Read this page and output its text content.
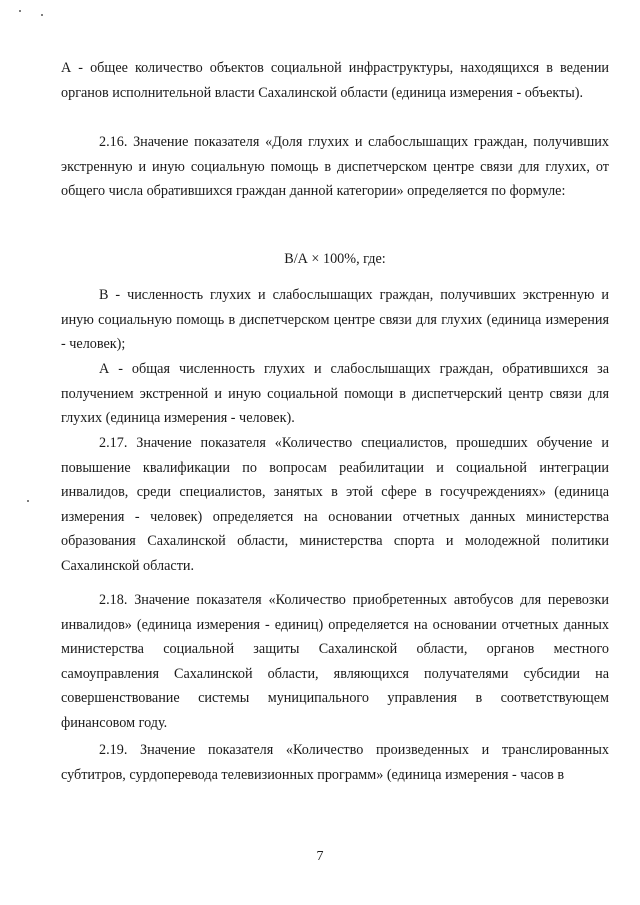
А - общее количество объектов социальной инфраструктуры, находящихся в ведении органов исполнительной власти Сахалинской области (единица измерения - объекты).

2.16. Значение показателя «Доля глухих и слабослышащих граждан, получивших экстренную и иную социальную помощь в диспетчерском центре связи для глухих, от общего числа обратившихся граждан данной категории» определяется по формуле:

В/А × 100%, где:

В - численность глухих и слабослышащих граждан, получивших экстренную и иную социальную помощь в диспетчерском центре связи для глухих (единица измерения - человек);

А - общая численность глухих и слабослышащих граждан, обратившихся за получением экстренной и иную социальной помощи в диспетчерский центр связи для глухих (единица измерения - человек).

2.17. Значение показателя «Количество специалистов, прошедших обучение и повышение квалификации по вопросам реабилитации и социальной интеграции инвалидов, среди специалистов, занятых в этой сфере в госучреждениях» (единица измерения - человек) определяется на основании отчетных данных министерства образования Сахалинской области, министерства спорта и молодежной политики Сахалинской области.

2.18. Значение показателя «Количество приобретенных автобусов для перевозки инвалидов» (единица измерения - единиц) определяется на основании отчетных данных министерства социальной защиты Сахалинской области, органов местного самоуправления Сахалинской области, являющихся получателями субсидии на совершенствование системы муниципального управления в соответствующем финансовом году.

2.19. Значение показателя «Количество произведенных и транслированных субтитров, сурдоперевода телевизионных программ» (единица измерения - часов в

7
